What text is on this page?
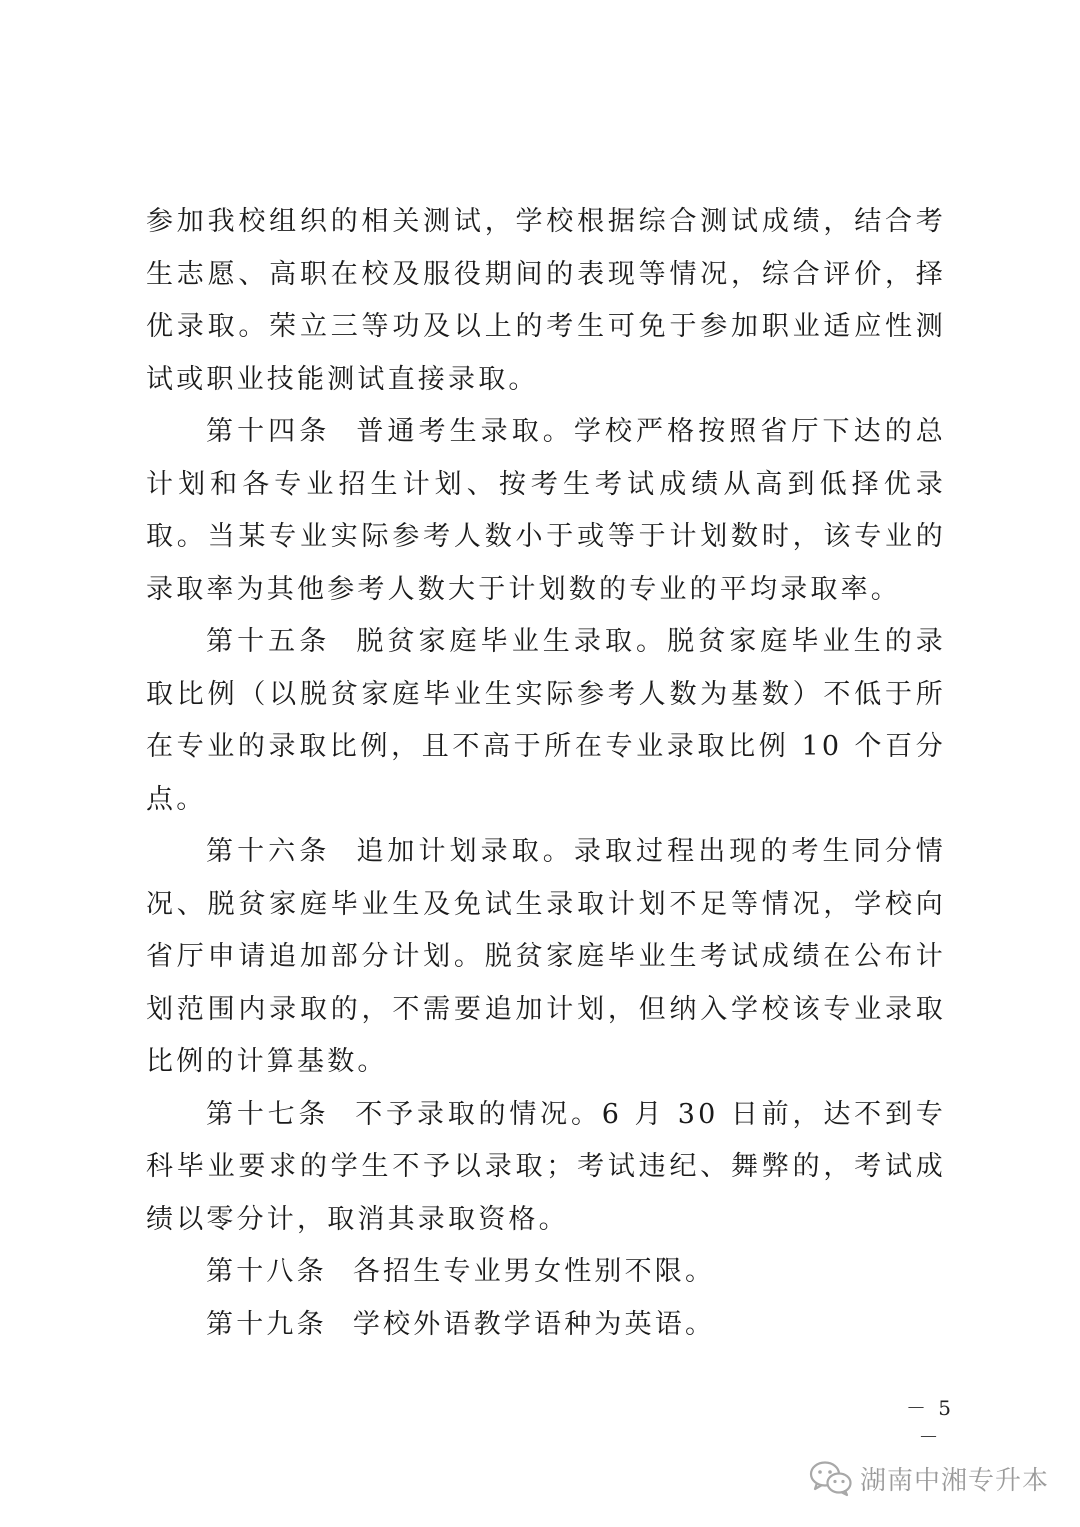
参加我校组织的相关测试，学校根据综合测试成绩，结合考生志愿、高职在校及服役期间的表现等情况，综合评价，择优录取。荣立三等功及以上的考生可免于参加职业适应性测试或职业技能测试直接录取。

第十四条 普通考生录取。学校严格按照省厅下达的总计划和各专业招生计划、按考生考试成绩从高到低择优录取。当某专业实际参考人数小于或等于计划数时，该专业的录取率为其他参考人数大于计划数的专业的平均录取率。

第十五条 脱贫家庭毕业生录取。脱贫家庭毕业生的录取比例（以脱贫家庭毕业生实际参考人数为基数）不低于所在专业的录取比例，且不高于所在专业录取比例 10 个百分点。

第十六条 追加计划录取。录取过程出现的考生同分情况、脱贫家庭毕业生及免试生录取计划不足等情况，学校向省厅申请追加部分计划。脱贫家庭毕业生考试成绩在公布计划范围内录取的，不需要追加计划，但纳入学校该专业录取比例的计算基数。

第十七条 不予录取的情况。6 月 30 日前，达不到专科毕业要求的学生不予以录取；考试违纪、舞弊的，考试成绩以零分计，取消其录取资格。

第十八条 各招生专业男女性别不限。

第十九条 学校外语教学语种为英语。

－ 5 －
湖南中湘专升本
